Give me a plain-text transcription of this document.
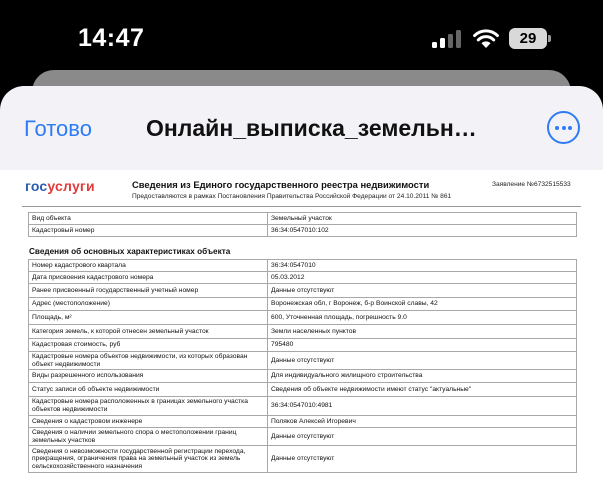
14:47	29
Готово Онлайн_выписка_земельн…
госуслуги	Сведения из Единого государственного реестра недвижимости
Предоставляются в рамках Постановления Правительства Российской Федерации от 24.10.2011 № 861
Заявление №6732515533
Вид объекта	Земельный участок
Кадастровый номер	36:34:0547010:102
Сведения об основных характеристиках объекта
Номер кадастрового квартала	36:34:0547010
Дата присвоения кадастрового номера	05.03.2012
Ранее присвоенный государственный учетный номер	Данные отсутствуют
Адрес (местоположение)	Воронежская обл, г Воронеж, б-р Воинской славы, 42
Площадь, м²	600, Уточненная площадь, погрешность 9.0
Категория земель, к которой отнесен земельный участок	Земли населенных пунктов
Кадастровая стоимость, руб	795480
Кадастровые номера объектов недвижимости, из которых образован объект недвижимости	Данные отсутствуют
Виды разрешенного использования	Для индивидуального жилищного строительства
Статус записи об объекте недвижимости	Сведения об объекте недвижимости имеют статус "актуальные"
Кадастровые номера расположенных в границах земельного участка объектов недвижимости	36:34:0547010:4981
Сведения о кадастровом инженере	Поляков Алексей Игоревич
Сведения о наличии земельного спора о местоположении границ земельных участков	Данные отсутствуют
Сведения о невозможности государственной регистрации перехода, прекращения, ограничения права на земельный участок из земель сельскохозяйственного назначения	Данные отсутствуют
